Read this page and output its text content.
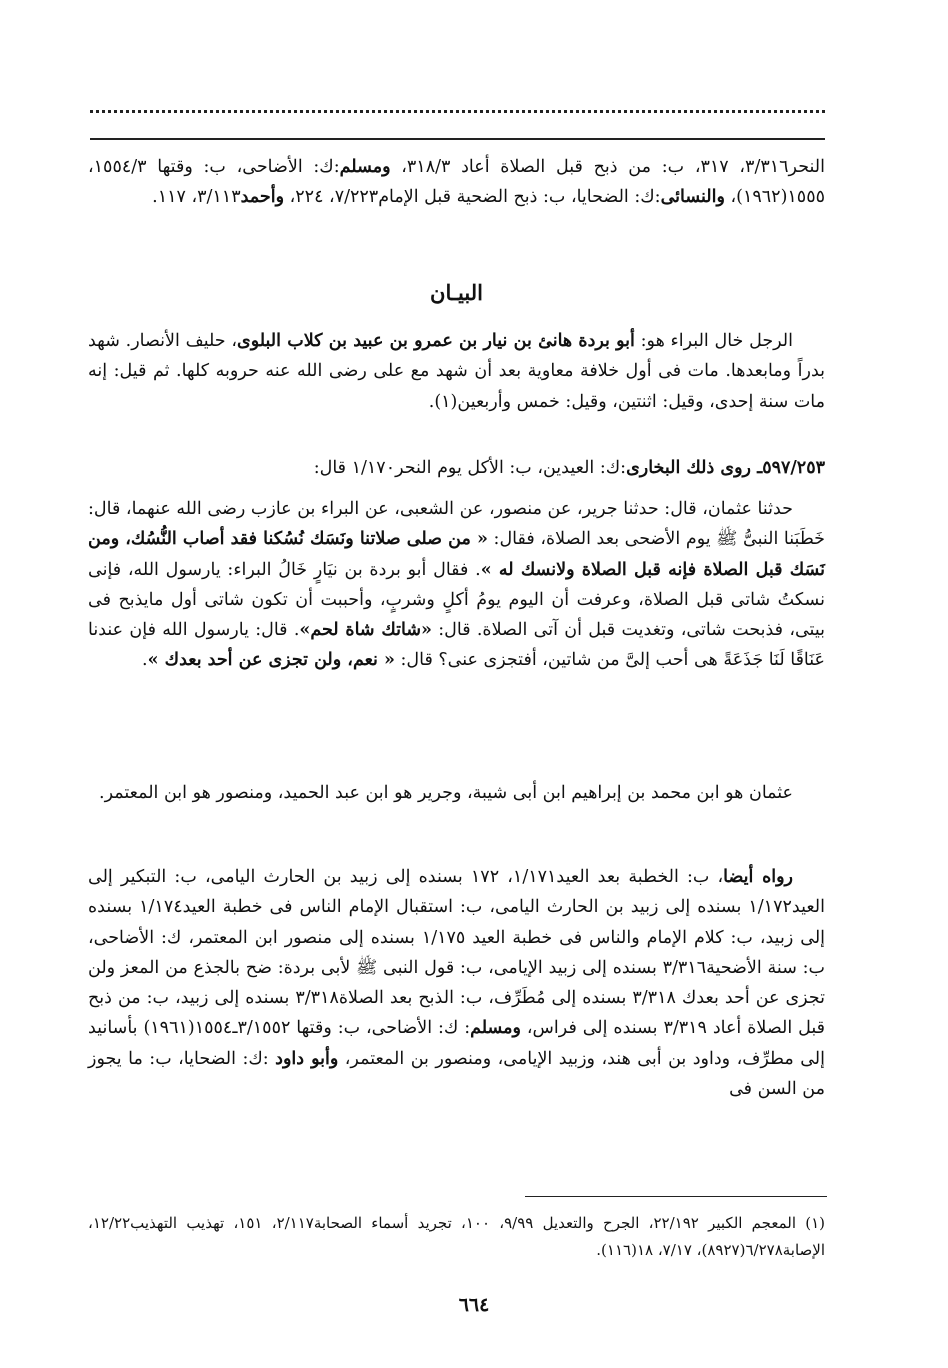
النحر٣/٣١٦، ٣١٧، ب: من ذبح قبل الصلاة أعاد ٣١٨/٣، ومسلم:ك: الأضاحى، ب: وقتها ١٥٥٤/٣، ١٥٥٥(١٩٦٢)، والنسائى:ك: الضحايا، ب: ذبح الضحية قبل الإمام٧/٢٢٣، ٢٢٤، وأحمد٣/١١٣، ١١٧.

البيـان

الرجل خال البراء هو: أبو بردة هانئ بن نيار بن عمرو بن عبيد بن كلاب البلوى، حليف الأنصار. شهد بدراً ومابعدها. مات فى أول خلافة معاوية بعد أن شهد مع على رضى الله عنه حروبه كلها. ثم قيل: إنه مات سنة إحدى، وقيل: اثنتين، وقيل: خمس وأربعين(١).

٥٩٧/٢٥٣ـ روى ذلك البخارى:ك: العيدين، ب: الأكل يوم النحر١/١٧٠ قال:

حدثنا عثمان، قال: حدثنا جرير، عن منصور، عن الشعبى، عن البراء بن عازب رضى الله عنهما، قال: خَطَبَنا النبىُّ ﷺ يوم الأضحى بعد الصلاة، فقال: « من صلى صلاتنا ونَسَك نُسُكنا فقد أصاب النُّسُك، ومن نَسَك قبل الصلاة فإنه قبل الصلاة ولانسك له ». فقال أبو بردة بن نيَارٍ خَالُ البراء: يارسول الله، فإنى نسكتُ شاتى قبل الصلاة، وعرفت أن اليوم يومُ أكلٍ وشربٍ، وأحببت أن تكون شاتى أول مايذبح فى بيتى، فذبحت شاتى، وتغديت قبل أن آتى الصلاة. قال: «شاتك شاة لحم». قال: يارسول الله فإن عندنا عَنَاقًا لَنَا جَذَعَةً هى أحب إلىَّ من شاتين، أفتجزى عنى؟ قال: « نعم، ولن تجزى عن أحد بعدك ».

عثمان هو ابن محمد بن إبراهيم ابن أبى شيبة، وجرير هو ابن عبد الحميد، ومنصور هو ابن المعتمر.

رواه أيضا، ب: الخطبة بعد العيد١/١٧١، ١٧٢ بسنده إلى زبيد بن الحارث اليامى، ب: التبكير إلى العيد١/١٧٢ بسنده إلى زبيد بن الحارث اليامى، ب: استقبال الإمام الناس فى خطبة العيد١/١٧٤ بسنده إلى زبيد، ب: كلام الإمام والناس فى خطبة العيد ١/١٧٥ بسنده إلى منصور ابن المعتمر، ك: الأضاحى، ب: سنة الأضحية٣/٣١٦ بسنده إلى زبيد الإيامى، ب: قول النبى ﷺ لأبى بردة: ضح بالجذع من المعز ولن تجزى عن أحد بعدك ٣/٣١٨ بسنده إلى مُطَرِّف، ب: الذبح بعد الصلاة٣/٣١٨ بسنده إلى زبيد، ب: من ذبح قبل الصلاة أعاد ٣/٣١٩ بسنده إلى فراس، ومسلم: ك: الأضاحى، ب: وقتها ٣/١٥٥٢ـ١٥٥٤(١٩٦١) بأسانيد إلى مطرِّف، وداود بن أبى هند، وزبيد الإيامى، ومنصور بن المعتمر، وأبو داود :ك: الضحايا، ب: ما يجوز من السن فى

(١) المعجم الكبير ٢٢/١٩٢، الجرح والتعديل ٩/٩٩، ١٠٠، تجريد أسماء الصحابة٢/١١٧، ١٥١، تهذيب التهذيب١٢/٢٢، الإصابة٦/٢٧٨(٨٩٢٧)، ٧/١٧، ١٨(١١٦).

٦٦٤
